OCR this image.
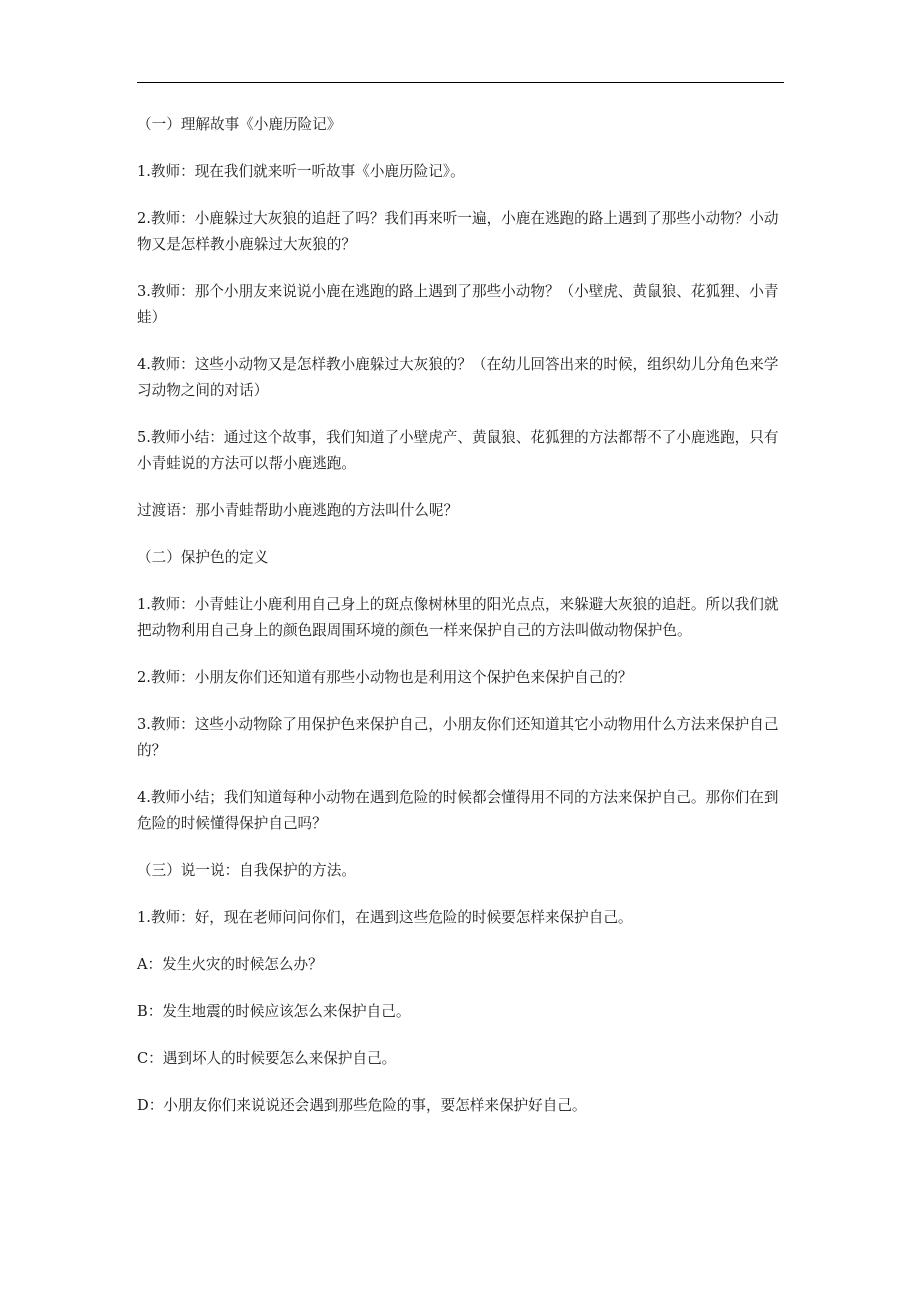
（一）理解故事《小鹿历险记》

1.教师：现在我们就来听一听故事《小鹿历险记》。

2.教师：小鹿躲过大灰狼的追赶了吗？我们再来听一遍，小鹿在逃跑的路上遇到了那些小动物？小动物又是怎样教小鹿躲过大灰狼的？

3.教师：那个小朋友来说说小鹿在逃跑的路上遇到了那些小动物？（小壁虎、黄鼠狼、花狐狸、小青蛙）

4.教师：这些小动物又是怎样教小鹿躲过大灰狼的？（在幼儿回答出来的时候，组织幼儿分角色来学习动物之间的对话）

5.教师小结：通过这个故事，我们知道了小壁虎产、黄鼠狼、花狐狸的方法都帮不了小鹿逃跑，只有小青蛙说的方法可以帮小鹿逃跑。

过渡语：那小青蛙帮助小鹿逃跑的方法叫什么呢？

（二）保护色的定义

1.教师：小青蛙让小鹿利用自己身上的斑点像树林里的阳光点点，来躲避大灰狼的追赶。所以我们就把动物利用自己身上的颜色跟周围环境的颜色一样来保护自己的方法叫做动物保护色。

2.教师：小朋友你们还知道有那些小动物也是利用这个保护色来保护自己的？

3.教师：这些小动物除了用保护色来保护自己，小朋友你们还知道其它小动物用什么方法来保护自己的？

4.教师小结；我们知道每种小动物在遇到危险的时候都会懂得用不同的方法来保护自己。那你们在到危险的时候懂得保护自己吗？

（三）说一说：自我保护的方法。

1.教师：好，现在老师问问你们，在遇到这些危险的时候要怎样来保护自己。

A：发生火灾的时候怎么办？

B：发生地震的时候应该怎么来保护自己。

C：遇到坏人的时候要怎么来保护自己。

D：小朋友你们来说说还会遇到那些危险的事，要怎样来保护好自己。
